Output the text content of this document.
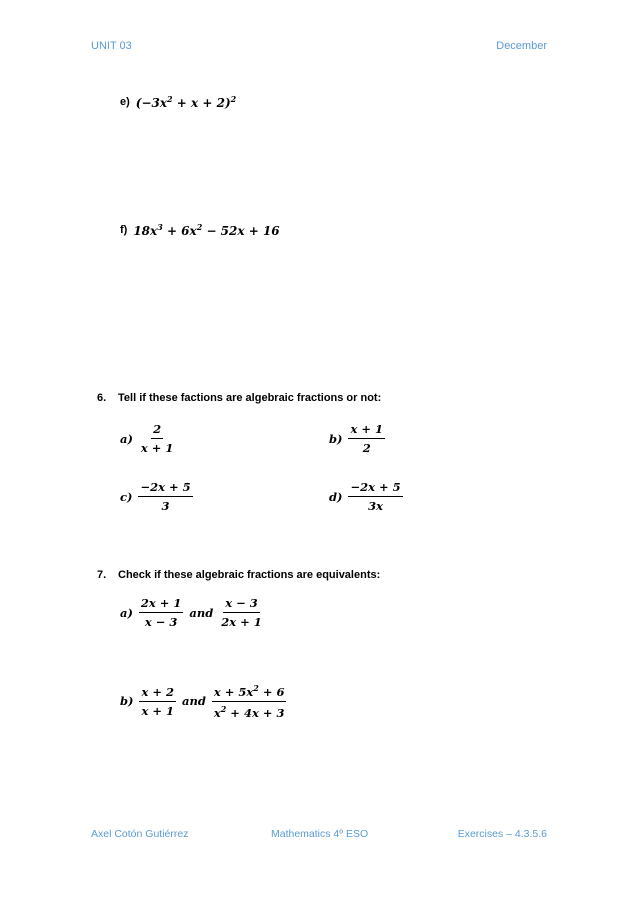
UNIT 03	December
e) $(-3x^2 + x + 2)^2$
f) $18x^3 + 6x^2 - 52x + 16$
6. Tell if these factions are algebraic fractions or not:
$a) \frac{2}{x + 1}$	$b) \frac{x + 1}{2}$
$c) \frac{-2x + 5}{3}$	$d) \frac{-2x + 5}{3x}$
7. Check if these algebraic fractions are equivalents:
$a) \frac{2x + 1}{x - 3}$ and $\frac{x - 3}{2x + 1}$
$b) \frac{x + 2}{x + 1}$ and $\frac{x + 5x^2 + 6}{x^2 + 4x + 3}$
Axel Cotón Gutiérrez	Mathematics 4º ESO	Exercises – 4.3.5.6
